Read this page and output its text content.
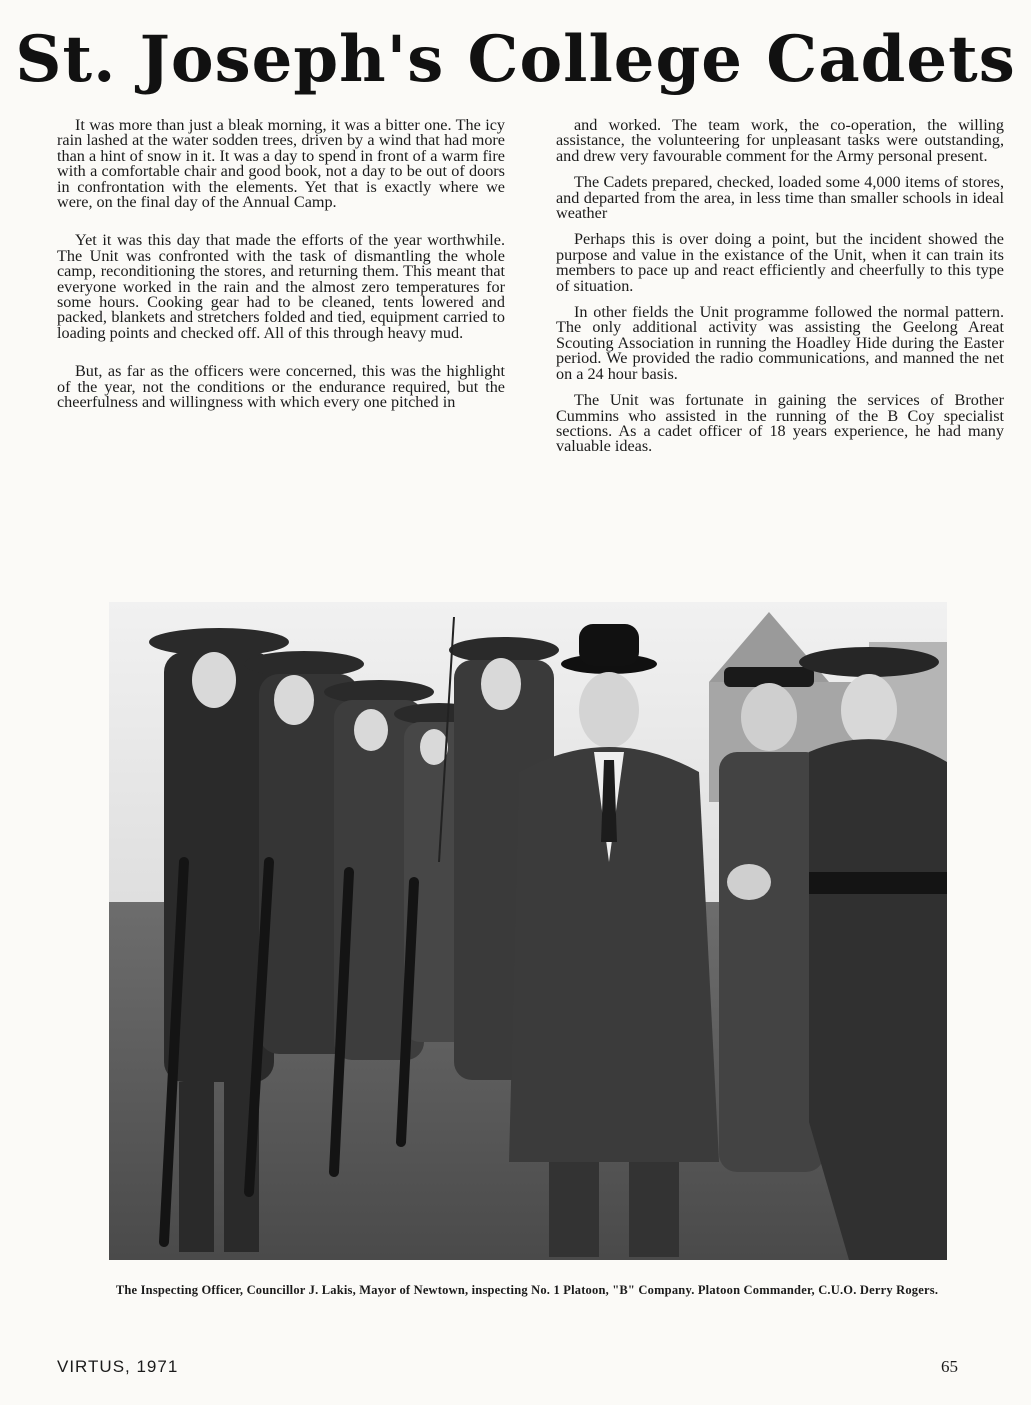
St. Joseph's College Cadets

It was more than just a bleak morning, it was a bitter one. The icy rain lashed at the water sodden trees, driven by a wind that had more than a hint of snow in it. It was a day to spend in front of a warm fire with a comfortable chair and good book, not a day to be out of doors in confrontation with the elements. Yet that is exactly where we were, on the final day of the Annual Camp.

Yet it was this day that made the efforts of the year worthwhile. The Unit was confronted with the task of dismantling the whole camp, reconditioning the stores, and returning them. This meant that everyone worked in the rain and the almost zero temperatures for some hours. Cooking gear had to be cleaned, tents lowered and packed, blankets and stretchers folded and tied, equipment carried to loading points and checked off. All of this through heavy mud.

But, as far as the officers were concerned, this was the highlight of the year, not the conditions or the endurance required, but the cheerfulness and willingness with which every one pitched in

and worked. The team work, the co-operation, the willing assistance, the volunteering for unpleasant tasks were outstanding, and drew very favourable comment for the Army personal present.

The Cadets prepared, checked, loaded some 4,000 items of stores, and departed from the area, in less time than smaller schools in ideal weather

Perhaps this is over doing a point, but the incident showed the purpose and value in the existance of the Unit, when it can train its members to pace up and react efficiently and cheerfully to this type of situation.

In other fields the Unit programme followed the normal pattern. The only additional activity was assisting the Geelong Areat Scouting Association in running the Hoadley Hide during the Easter period. We provided the radio communications, and manned the net on a 24 hour basis.

The Unit was fortunate in gaining the services of Brother Cummins who assisted in the running of the B Coy specialist sections. As a cadet officer of 18 years experience, he had many valuable ideas.

The Inspecting Officer, Councillor J. Lakis, Mayor of Newtown, inspecting No. 1 Platoon, "B" Company. Platoon Commander, C.U.O. Derry Rogers.
VIRTUS, 1971	65
